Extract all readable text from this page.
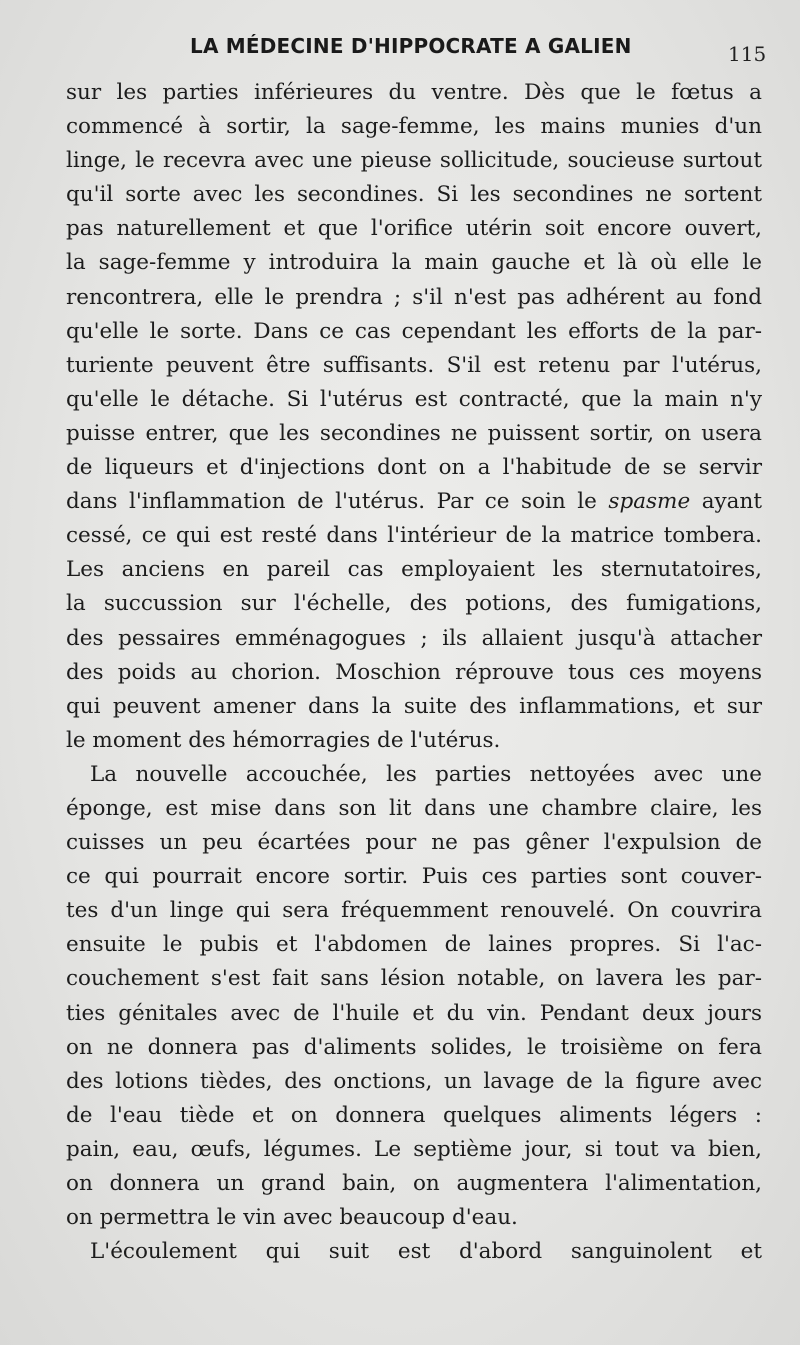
LA MÉDECINE D'HIPPOCRATE A GALIEN	115
sur les parties inférieures du ventre. Dès que le fœtus a
commencé à sortir, la sage-femme, les mains munies d'un
linge, le recevra avec une pieuse sollicitude, soucieuse surtout
qu'il sorte avec les secondines. Si les secondines ne sortent
pas naturellement et que l'orifice utérin soit encore ouvert,
la sage-femme y introduira la main gauche et là où elle le
rencontrera, elle le prendra ; s'il n'est pas adhérent au fond
qu'elle le sorte. Dans ce cas cependant les efforts de la par-
turiente peuvent être suffisants. S'il est retenu par l'utérus,
qu'elle le détache. Si l'utérus est contracté, que la main n'y
puisse entrer, que les secondines ne puissent sortir, on usera
de liqueurs et d'injections dont on a l'habitude de se servir
dans l'inflammation de l'utérus. Par ce soin le spasme ayant
cessé, ce qui est resté dans l'intérieur de la matrice tombera.
Les anciens en pareil cas employaient les sternutatoires,
la succussion sur l'échelle, des potions, des fumigations,
des pessaires emménagogues ; ils allaient jusqu'à attacher
des poids au chorion. Moschion réprouve tous ces moyens
qui peuvent amener dans la suite des inflammations, et sur
le moment des hémorragies de l'utérus.
La nouvelle accouchée, les parties nettoyées avec une
éponge, est mise dans son lit dans une chambre claire, les
cuisses un peu écartées pour ne pas gêner l'expulsion de
ce qui pourrait encore sortir. Puis ces parties sont couver-
tes d'un linge qui sera fréquemment renouvelé. On couvrira
ensuite le pubis et l'abdomen de laines propres. Si l'ac-
couchement s'est fait sans lésion notable, on lavera les par-
ties génitales avec de l'huile et du vin. Pendant deux jours
on ne donnera pas d'aliments solides, le troisième on fera
des lotions tièdes, des onctions, un lavage de la figure avec
de l'eau tiède et on donnera quelques aliments légers :
pain, eau, œufs, légumes. Le septième jour, si tout va bien,
on donnera un grand bain, on augmentera l'alimentation,
on permettra le vin avec beaucoup d'eau.
L'écoulement qui suit est d'abord sanguinolent et
